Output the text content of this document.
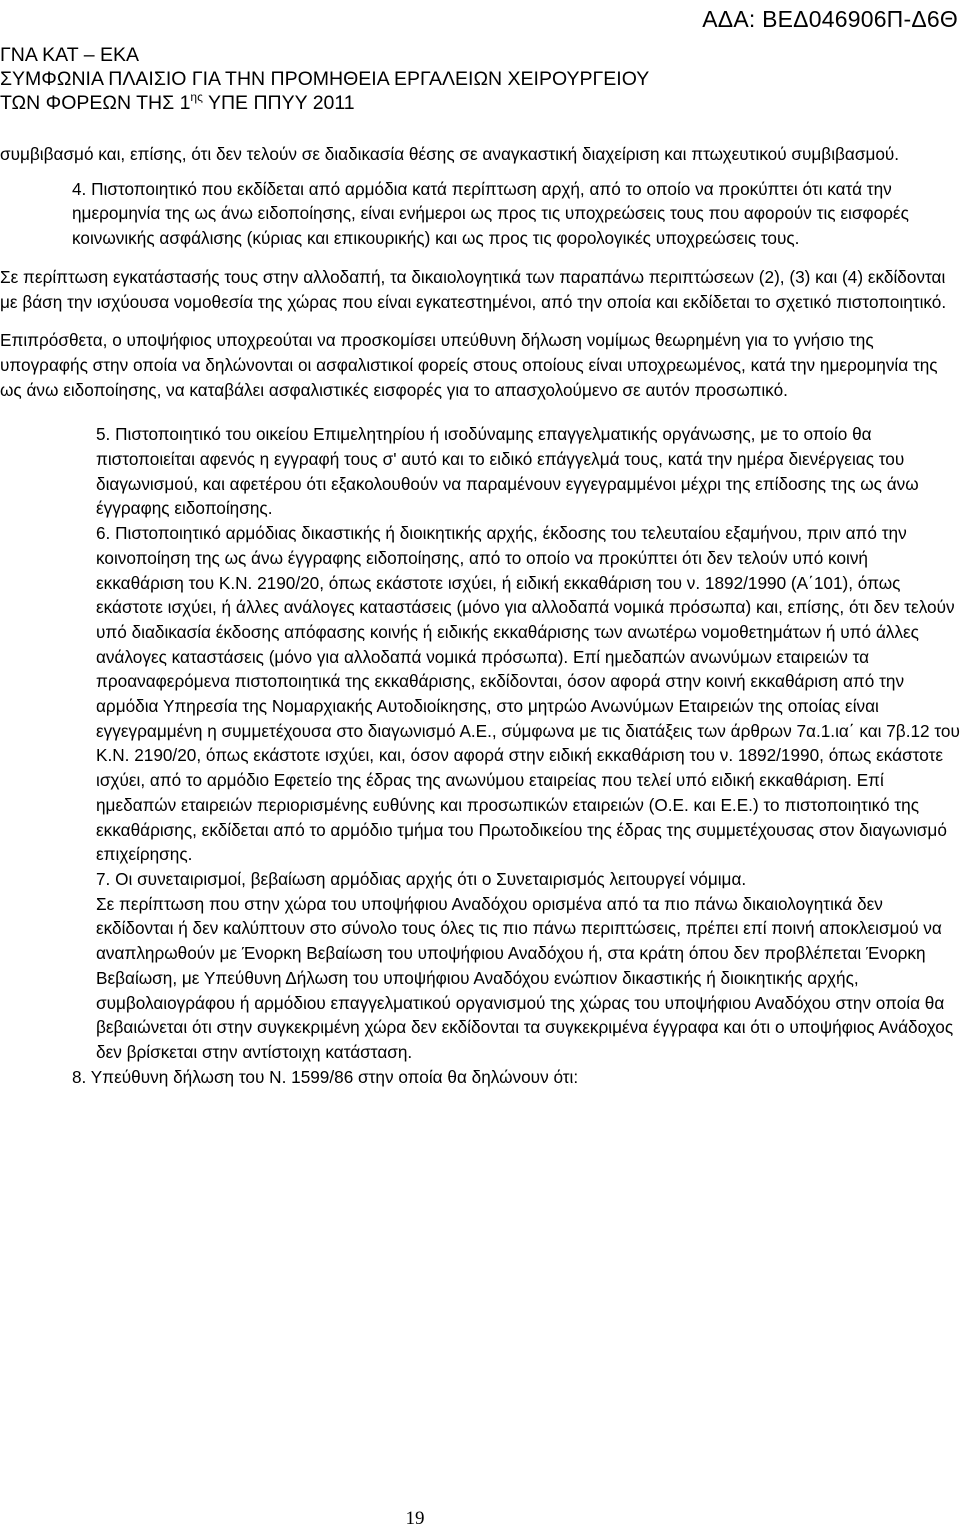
ΑΔΑ: ΒΕΔ046906Π-Δ6Θ
ΓΝΑ ΚΑΤ – ΕΚΑ
ΣΥΜΦΩΝΙΑ ΠΛΑΙΣΙΟ ΓΙΑ ΤΗΝ ΠΡΟΜΗΘΕΙΑ ΕΡΓΑΛΕΙΩΝ ΧΕΙΡΟΥΡΓΕΙΟΥ
ΤΩΝ ΦΟΡΕΩΝ ΤΗΣ $1^{\eta\varsigma}$ ΥΠΕ ΠΠΥΥ 2011

συμβιβασμό και, επίσης, ότι δεν τελούν σε διαδικασία θέσης σε αναγκαστική διαχείριση και πτωχευτικού συμβιβασμού.

4. Πιστοποιητικό που εκδίδεται από αρμόδια κατά περίπτωση αρχή, από το οποίο να προκύπτει ότι κατά την ημερομηνία της ως άνω ειδοποίησης, είναι ενήμεροι ως προς τις υποχρεώσεις τους που αφορούν τις εισφορές κοινωνικής ασφάλισης (κύριας και επικουρικής) και ως προς τις φορολογικές υποχρεώσεις τους.

Σε περίπτωση εγκατάστασής τους στην αλλοδαπή, τα δικαιολογητικά των παραπάνω περιπτώσεων (2), (3) και (4) εκδίδονται με βάση την ισχύουσα νομοθεσία της χώρας που είναι εγκατεστημένοι, από την οποία και εκδίδεται το σχετικό πιστοποιητικό.

Επιπρόσθετα, ο υποψήφιος υποχρεούται να προσκομίσει υπεύθυνη δήλωση νομίμως θεωρημένη για το γνήσιο της υπογραφής στην οποία να δηλώνονται οι ασφαλιστικοί φορείς στους οποίους είναι υποχρεωμένος, κατά την ημερομηνία της ως άνω ειδοποίησης, να καταβάλει ασφαλιστικές εισφορές για το απασχολούμενο σε αυτόν προσωπικό.

5. Πιστοποιητικό του οικείου Επιμελητηρίου ή ισοδύναμης επαγγελματικής οργάνωσης, με το οποίο θα πιστοποιείται αφενός η εγγραφή τους σ' αυτό και το ειδικό επάγγελμά τους, κατά την ημέρα διενέργειας του διαγωνισμού, και αφετέρου ότι εξακολουθούν να παραμένουν εγγεγραμμένοι μέχρι της επίδοσης της ως άνω έγγραφης ειδοποίησης.

6. Πιστοποιητικό αρμόδιας δικαστικής ή διοικητικής αρχής, έκδοσης του τελευταίου εξαμήνου, πριν από την κοινοποίηση της ως άνω έγγραφης ειδοποίησης, από το οποίο να προκύπτει ότι δεν τελούν υπό κοινή εκκαθάριση του Κ.Ν. 2190/20, όπως εκάστοτε ισχύει, ή ειδική εκκαθάριση του ν. 1892/1990 (Α΄101), όπως εκάστοτε ισχύει, ή άλλες ανάλογες καταστάσεις (μόνο για αλλοδαπά νομικά πρόσωπα) και, επίσης, ότι δεν τελούν υπό διαδικασία έκδοσης απόφασης κοινής ή ειδικής εκκαθάρισης των ανωτέρω νομοθετημάτων ή υπό άλλες ανάλογες καταστάσεις (μόνο για αλλοδαπά νομικά πρόσωπα). Επί ημεδαπών ανωνύμων εταιρειών τα προαναφερόμενα πιστοποιητικά της εκκαθάρισης, εκδίδονται, όσον αφορά στην κοινή εκκαθάριση από την αρμόδια Υπηρεσία της Νομαρχιακής Αυτοδιοίκησης, στο μητρώο Ανωνύμων Εταιρειών της οποίας είναι εγγεγραμμένη η συμμετέχουσα στο διαγωνισμό Α.Ε., σύμφωνα με τις διατάξεις των άρθρων 7α.1.ια΄ και 7β.12 του Κ.Ν. 2190/20, όπως εκάστοτε ισχύει, και, όσον αφορά στην ειδική εκκαθάριση του ν. 1892/1990, όπως εκάστοτε ισχύει, από το αρμόδιο Εφετείο της έδρας της ανωνύμου εταιρείας που τελεί υπό ειδική εκκαθάριση. Επί ημεδαπών εταιρειών περιορισμένης ευθύνης και προσωπικών εταιρειών (Ο.Ε. και Ε.Ε.) το πιστοποιητικό της εκκαθάρισης, εκδίδεται από το αρμόδιο τμήμα του Πρωτοδικείου της έδρας της συμμετέχουσας στον διαγωνισμό επιχείρησης.

7. Οι συνεταιρισμοί, βεβαίωση αρμόδιας αρχής ότι ο Συνεταιρισμός λειτουργεί νόμιμα.

Σε περίπτωση που στην χώρα του υποψήφιου Αναδόχου ορισμένα από τα πιο πάνω δικαιολογητικά δεν εκδίδονται ή δεν καλύπτουν στο σύνολο τους όλες τις πιο πάνω περιπτώσεις, πρέπει επί ποινή αποκλεισμού να αναπληρωθούν με Ένορκη Βεβαίωση του υποψήφιου Αναδόχου ή, στα κράτη όπου δεν προβλέπεται Ένορκη Βεβαίωση, με Υπεύθυνη Δήλωση του υποψήφιου Αναδόχου ενώπιον δικαστικής ή διοικητικής αρχής, συμβολαιογράφου ή αρμόδιου επαγγελματικού οργανισμού της χώρας του υποψήφιου Αναδόχου στην οποία θα βεβαιώνεται ότι στην συγκεκριμένη χώρα δεν εκδίδονται τα συγκεκριμένα έγγραφα και ότι ο υποψήφιος Ανάδοχος δεν βρίσκεται στην αντίστοιχη κατάσταση.

8. Υπεύθυνη δήλωση του Ν. 1599/86 στην οποία θα δηλώνουν ότι:

19
